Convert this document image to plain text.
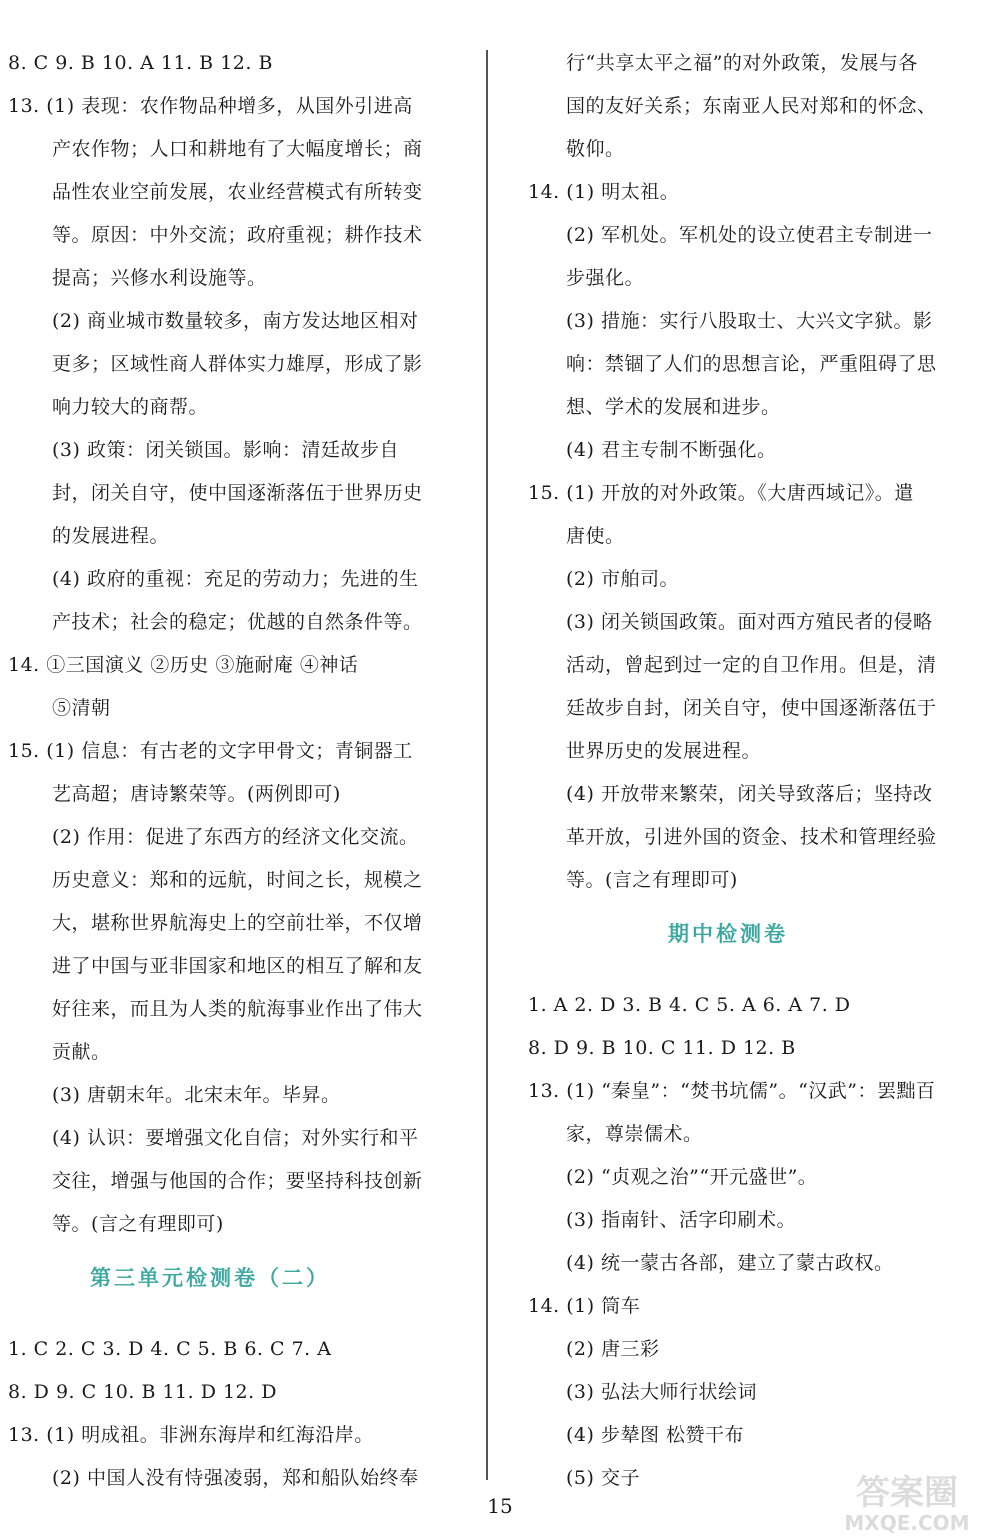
15	答案圈
MXQE.COM
8. C 9. B 10. A 11. B 12. B
13. (1) 表现：农作物品种增多，从国外引进高
产农作物；人口和耕地有了大幅度增长；商
品性农业空前发展，农业经营模式有所转变
等。原因：中外交流；政府重视；耕作技术
提高；兴修水利设施等。
(2) 商业城市数量较多，南方发达地区相对
更多；区域性商人群体实力雄厚，形成了影
响力较大的商帮。
(3) 政策：闭关锁国。影响：清廷故步自
封，闭关自守，使中国逐渐落伍于世界历史
的发展进程。
(4) 政府的重视：充足的劳动力；先进的生
产技术；社会的稳定；优越的自然条件等。
14. ①三国演义 ②历史 ③施耐庵 ④神话
⑤清朝
15. (1) 信息：有古老的文字甲骨文；青铜器工
艺高超；唐诗繁荣等。(两例即可)
(2) 作用：促进了东西方的经济文化交流。
历史意义：郑和的远航，时间之长，规模之
大，堪称世界航海史上的空前壮举，不仅增
进了中国与亚非国家和地区的相互了解和友
好往来，而且为人类的航海事业作出了伟大
贡献。
(3) 唐朝末年。北宋末年。毕昇。
(4) 认识：要增强文化自信；对外实行和平
交往，增强与他国的合作；要坚持科技创新
等。(言之有理即可)
1. C 2. C 3. D 4. C 5. B 6. C 7. A
8. D 9. C 10. B 11. D 12. D
13. (1) 明成祖。非洲东海岸和红海沿岸。
(2) 中国人没有恃强凌弱，郑和船队始终奉
行“共享太平之福”的对外政策，发展与各
国的友好关系；东南亚人民对郑和的怀念、
敬仰。
14. (1) 明太祖。
(2) 军机处。军机处的设立使君主专制进一
步强化。
(3) 措施：实行八股取士、大兴文字狱。影
响：禁锢了人们的思想言论，严重阻碍了思
想、学术的发展和进步。
(4) 君主专制不断强化。
15. (1) 开放的对外政策。《大唐西域记》。遣
唐使。
(2) 市舶司。
(3) 闭关锁国政策。面对西方殖民者的侵略
活动，曾起到过一定的自卫作用。但是，清
廷故步自封，闭关自守，使中国逐渐落伍于
世界历史的发展进程。
(4) 开放带来繁荣，闭关导致落后；坚持改
革开放，引进外国的资金、技术和管理经验
等。(言之有理即可)
1. A 2. D 3. B 4. C 5. A 6. A 7. D
8. D 9. B 10. C 11. D 12. B
13. (1) “秦皇”：“焚书坑儒”。“汉武”：罢黜百
家，尊崇儒术。
(2) “贞观之治”“开元盛世”。
(3) 指南针、活字印刷术。
(4) 统一蒙古各部，建立了蒙古政权。
14. (1) 筒车
(2) 唐三彩
(3) 弘法大师行状绘词
(4) 步辇图 松赞干布
(5) 交子
第三单元检测卷（二）
期中检测卷
